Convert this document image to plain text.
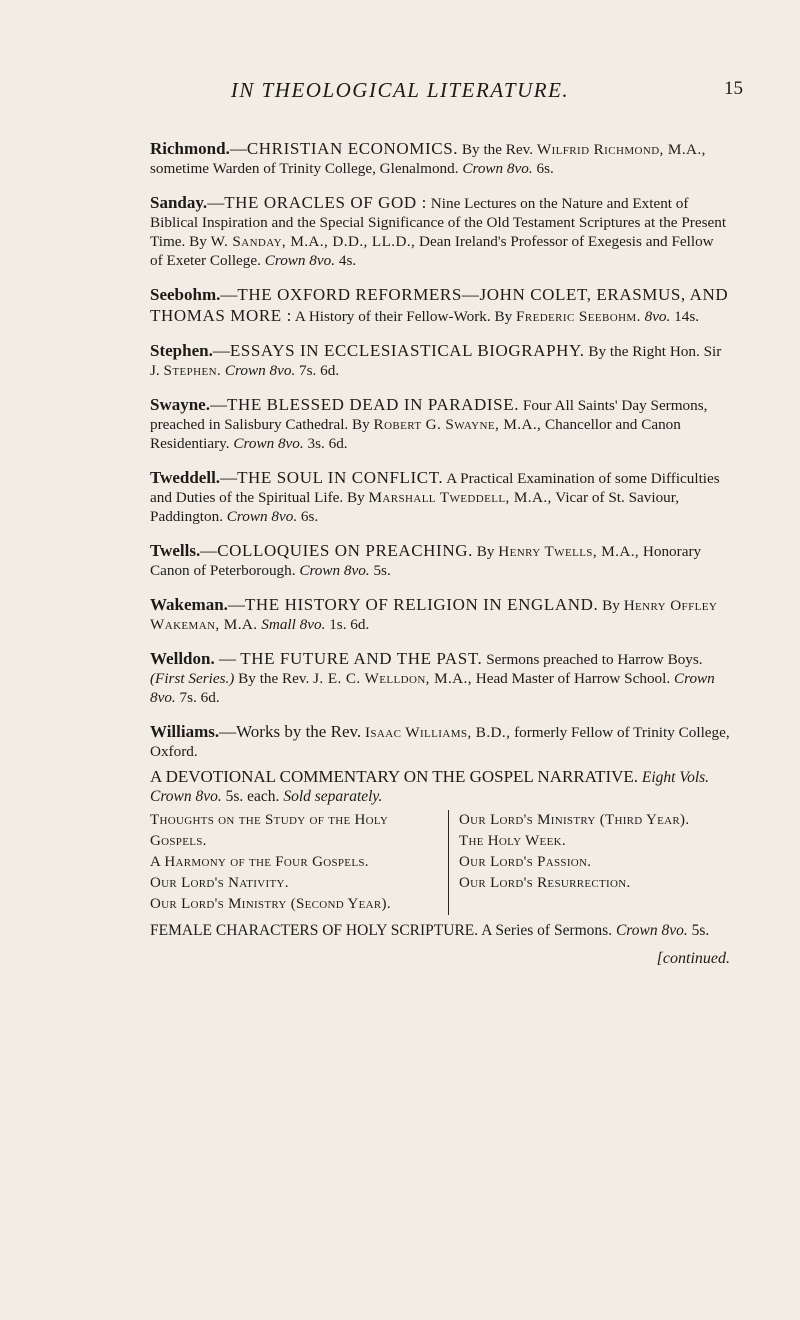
IN THEOLOGICAL LITERATURE.	15
Richmond.—CHRISTIAN ECONOMICS. By the Rev. Wilfrid Richmond, M.A., sometime Warden of Trinity College, Glenalmond. Crown 8vo. 6s.
Sanday.—THE ORACLES OF GOD : Nine Lectures on the Nature and Extent of Biblical Inspiration and the Special Significance of the Old Testament Scriptures at the Present Time. By W. Sanday, M.A., D.D., LL.D., Dean Ireland's Professor of Exegesis and Fellow of Exeter College. Crown 8vo. 4s.
Seebohm.—THE OXFORD REFORMERS—JOHN COLET, ERASMUS, AND THOMAS MORE : A History of their Fellow-Work. By Frederic Seebohm. 8vo. 14s.
Stephen.—ESSAYS IN ECCLESIASTICAL BIOGRAPHY. By the Right Hon. Sir J. Stephen. Crown 8vo. 7s. 6d.
Swayne.—THE BLESSED DEAD IN PARADISE. Four All Saints' Day Sermons, preached in Salisbury Cathedral. By Robert G. Swayne, M.A., Chancellor and Canon Residentiary. Crown 8vo. 3s. 6d.
Tweddell.—THE SOUL IN CONFLICT. A Practical Examination of some Difficulties and Duties of the Spiritual Life. By Marshall Tweddell, M.A., Vicar of St. Saviour, Paddington. Crown 8vo. 6s.
Twells.—COLLOQUIES ON PREACHING. By Henry Twells, M.A., Honorary Canon of Peterborough. Crown 8vo. 5s.
Wakeman.—THE HISTORY OF RELIGION IN ENGLAND. By Henry Offley Wakeman, M.A. Small 8vo. 1s. 6d.
Welldon. — THE FUTURE AND THE PAST. Sermons preached to Harrow Boys. (First Series.) By the Rev. J. E. C. Welldon, M.A., Head Master of Harrow School. Crown 8vo. 7s. 6d.
Williams.—Works by the Rev. Isaac Williams, B.D., formerly Fellow of Trinity College, Oxford.
A DEVOTIONAL COMMENTARY ON THE GOSPEL NARRATIVE. Eight Vols. Crown 8vo. 5s. each. Sold separately.
Thoughts on the Study of the Holy Gospels.
A Harmony of the Four Gospels.
Our Lord's Nativity.
Our Lord's Ministry (Second Year).
Our Lord's Ministry (Third Year).
The Holy Week.
Our Lord's Passion.
Our Lord's Resurrection.
FEMALE CHARACTERS OF HOLY SCRIPTURE. A Series of Sermons. Crown 8vo. 5s.
[continued.
